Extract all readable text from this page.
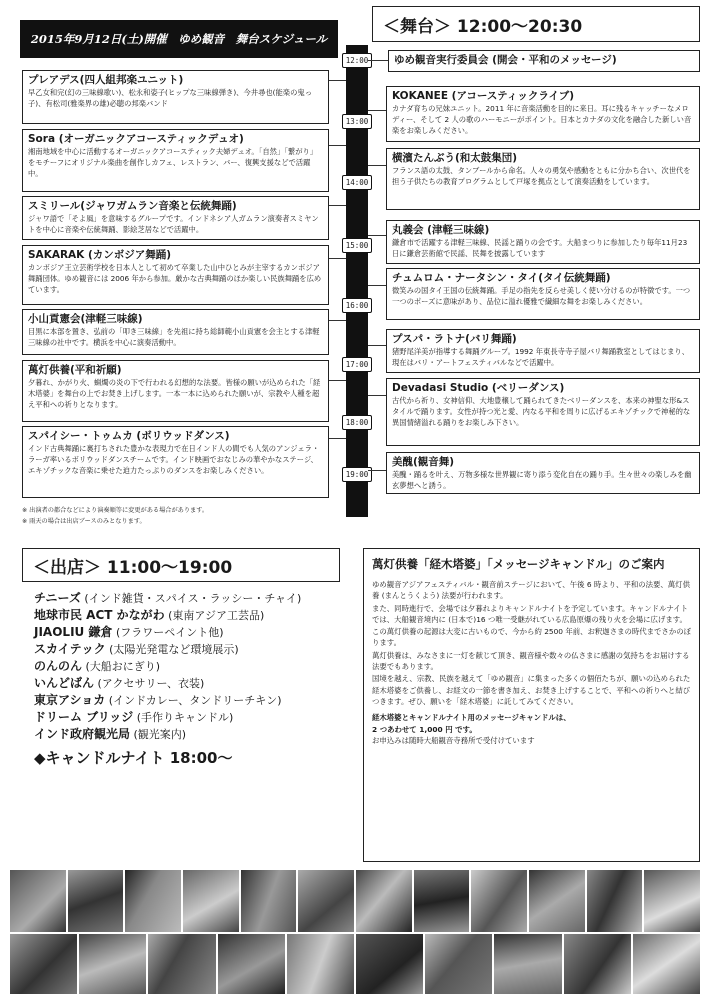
2015年9月12日(土)開催　ゆめ観音　舞台スケジュール
＜舞台＞ 12:00〜20:30
12:00
13:00
14:00
15:00
16:00
17:00
18:00
19:00
プレアデス(四人組邦楽ユニット)
早乙女和完(幻の三味線歌い)、松永和姿子(ヒップな三味線弾き)、今井尋也(能楽の鬼っ子)、有松司(雅楽界の雄)必聴の邦楽バンド
Sora (オーガニックアコースティックデュオ)
湘南地域を中心に活動するオーガニックアコースティック夫婦デュオ。「自然」「繋がり」をモチーフにオリジナル楽曲を創作しカフェ、レストラン、バー、復興支援などで活躍中。
スミリール(ジャワガムラン音楽と伝統舞踊)
ジャワ語で「そよ風」を意味するグループです。インドネシア人ガムラン演奏者スミヤントを中心に音楽や伝統舞踊、影絵芝居などで活躍中。
SAKARAK (カンボジア舞踊)
カンボジア王立芸術学校を日本人として初めて卒業した山中ひとみが主宰するカンボジア舞踊団体。ゆめ観音には 2006 年から参加。厳かな古典舞踊のほか楽しい民族舞踊を広めています。
小山貢憲会(津軽三味線)
目黒に本部を置き、弘前の「叩き三味線」を先祖に持ち総師範小山貢憲を会主とする津軽三味線の社中です。横浜を中心に演奏活動中。
萬灯供養(平和祈願)
夕暮れ、かがり火、蝋燭の炎の下で行われる幻想的な法要。皆様の願いが込められた「経木塔婆」を舞台の上でお焚き上げします。一本一本に込められた願いが、宗教や人種を超え平和への祈りとなります。
スパイシー・トゥムカ (ボリウッドダンス)
インド古典舞踊に裏打ちされた豊かな表現力で在日インド人の間でも人気のアンジェラ・ラーガ率いるボリウッドダンスチームです。インド映画でおなじみの華やかなステージ、エキゾチックな音楽に乗せた迫力たっぷりのダンスをお楽しみください。
ゆめ観音実行委員会 (開会・平和のメッセージ)
KOKANEE (アコースティックライブ)
カナダ育ちの兄妹ユニット。2011 年に音楽活動を目的に来日。耳に残るキャッチーなメロディー、そして 2 人の歌のハーモニーがポイント。日本とカナダの文化を融合した新しい音楽をお楽しみください。
横濱たんぶう(和太鼓集団)
フランス語の太鼓、タンブールから命名。人々の勇気や感動をともに分かち合い、次世代を担う子供たちの教育プログラムとして戸塚を拠点として演奏活動をしています。
丸義会 (津軽三味線)
鎌倉市で活躍する津軽三味線、民謡と踊りの会です。大船まつりに参加したり毎年11月23日に鎌倉芸術館で民謡、民舞を披露しています
チュムロム・ナータシン・タイ(タイ伝統舞踊)
微笑みの国タイ王国の伝統舞踊。手足の指先を反らせ美しく使い分けるのが特徴です。一つ一つのポーズに意味があり、品位に溢れ優雅で繊細な舞をお楽しみください。
プスパ・ラトナ(バリ舞踊)
猪野尾洋美が指導する舞踊グループ。1992 年東長寺寺子屋バリ舞踊教室としてはじまり、現在はバリ・アートフェスティバルなどで活躍中。
Devadasi Studio (ベリーダンス)
古代から祈り、女神信仰、大地豊穣して踊られてきたベリーダンスを、本来の神聖な形&スタイルで踊ります。女性が持つ光と愛、内なる平和を周りに広げるエキゾチックで神秘的な異国情緒溢れる踊りをお楽しみ下さい。
美醜(観音舞)
美醜・踊るを叶え、万物多様な世界観に寄り添う変化自在の踊り手。生々世々の楽しみを幽玄夢想へと誘う。
※ 出演者の都合などにより演奏順等に変更がある場合があります。
※ 雨天の場合は出店ブースのみとなります。
＜出店＞ 11:00〜19:00
チニーズ (インド雑貨・スパイス・ラッシー・チャイ)
地球市民 ACT かながわ (東南アジア工芸品)
JIAOLIU 鎌倉 (フラワーペイント他)
スカイテック (太陽光発電など環境展示)
のんのん (大船おにぎり)
いんどばん (アクセサリー、衣装)
東京アショカ (インドカレー、タンドリーチキン)
ドリーム ブリッジ (手作りキャンドル)
インド政府観光局 (観光案内)
◆キャンドルナイト 18:00〜
萬灯供養「経木塔婆」「メッセージキャンドル」のご案内

ゆめ観音アジアフェスティバル・観音前ステージにおいて、午後 6 時より、平和の法要、萬灯供養 (まんとうくよう) 法要が行われます。

また、同時進行で、会場では夕暮れよりキャンドルナイトを予定しています。キャンドルナイトでは、大船観音境内に (日本で)16 つ唯一受継がれている広島原爆の残り火を会場に広げます。

この萬灯供養の起源は大変に古いもので、今から約 2500 年前、お釈迦さまの時代までさかのぼります。

萬灯供養は、みなさまに一灯を献じて頂き、観音様や数々の仏さまに感謝の気持ちをお届けする法要でもあります。

国境を越え、宗教、民族を越えて「ゆめ観音」に集まった多くの個佰たちが、願いの込められた経木塔婆をご供養し、お経文の一節を書き加え、お焚き上げすることで、平和への祈りへと結びつきます。ぜひ、願いを「経木塔婆」に託してみてください。

経木塔婆とキャンドルナイト用のメッセージキャンドルは、
2 つあわせて 1,000 円 です。
お申込みは随時大船観音寺務所で受付けています
